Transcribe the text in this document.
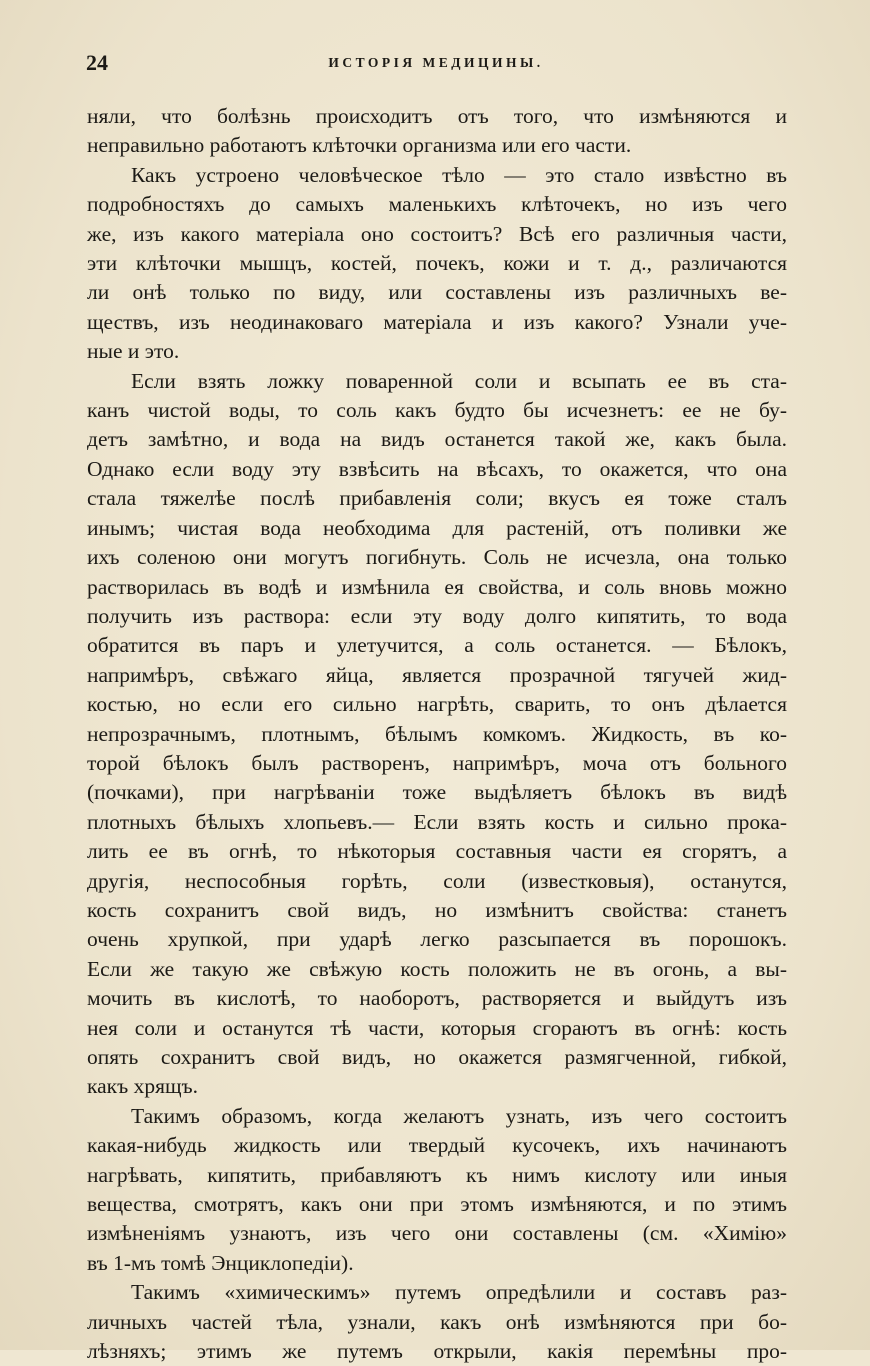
24	ИСТОРІЯ МЕДИЦИНЫ.
няли, что болѣзнь происходитъ отъ того, что измѣняются и
неправильно работаютъ клѣточки организма или его части.
Какъ устроено человѣческое тѣло — это стало извѣстно въ
подробностяхъ до самыхъ маленькихъ клѣточекъ, но изъ чего
же, изъ какого матеріала оно состоитъ? Всѣ его различныя части,
эти клѣточки мышцъ, костей, почекъ, кожи и т. д., различаются
ли онѣ только по виду, или составлены изъ различныхъ ве-
ществъ, изъ неодинаковаго матеріала и изъ какого? Узнали уче-
ные и это.
Если взять ложку поваренной соли и всыпать ее въ ста-
канъ чистой воды, то соль какъ будто бы исчезнетъ: ее не бу-
детъ замѣтно, и вода на видъ останется такой же, какъ была.
Однако если воду эту взвѣсить на вѣсахъ, то окажется, что она
стала тяжелѣе послѣ прибавленія соли; вкусъ ея тоже сталъ
инымъ; чистая вода необходима для растеній, отъ поливки же
ихъ соленою они могутъ погибнуть. Соль не исчезла, она только
растворилась въ водѣ и измѣнила ея свойства, и соль вновь можно
получить изъ раствора: если эту воду долго кипятить, то вода
обратится въ паръ и улетучится, а соль останется. — Бѣлокъ,
напримѣръ, свѣжаго яйца, является прозрачной тягучей жид-
костью, но если его сильно нагрѣть, сварить, то онъ дѣлается
непрозрачнымъ, плотнымъ, бѣлымъ комкомъ. Жидкость, въ ко-
торой бѣлокъ былъ растворенъ, напримѣръ, моча отъ больного
(почками), при нагрѣваніи тоже выдѣляетъ бѣлокъ въ видѣ
плотныхъ бѣлыхъ хлопьевъ.— Если взять кость и сильно прока-
лить ее въ огнѣ, то нѣкоторыя составныя части ея сгорятъ, а
другія, неспособныя горѣть, соли (известковыя), останутся,
кость сохранитъ свой видъ, но измѣнитъ свойства: станетъ
очень хрупкой, при ударѣ легко разсыпается въ порошокъ.
Если же такую же свѣжую кость положить не въ огонь, а вы-
мочить въ кислотѣ, то наоборотъ, растворяется и выйдутъ изъ
нея соли и останутся тѣ части, которыя сгораютъ въ огнѣ: кость
опять сохранитъ свой видъ, но окажется размягченной, гибкой,
какъ хрящъ.
Такимъ образомъ, когда желаютъ узнать, изъ чего состоитъ
какая-нибудь жидкость или твердый кусочекъ, ихъ начинаютъ
нагрѣвать, кипятить, прибавляютъ къ нимъ кислоту или иныя
вещества, смотрятъ, какъ они при этомъ измѣняются, и по этимъ
измѣненіямъ узнаютъ, изъ чего они составлены (см. «Химію»
въ 1-мъ томѣ Энциклопедіи).
Такимъ «химическимъ» путемъ опредѣлили и составъ раз-
личныхъ частей тѣла, узнали, какъ онѣ измѣняются при бо-
лѣзняхъ; этимъ же путемъ открыли, какія перемѣны про-
